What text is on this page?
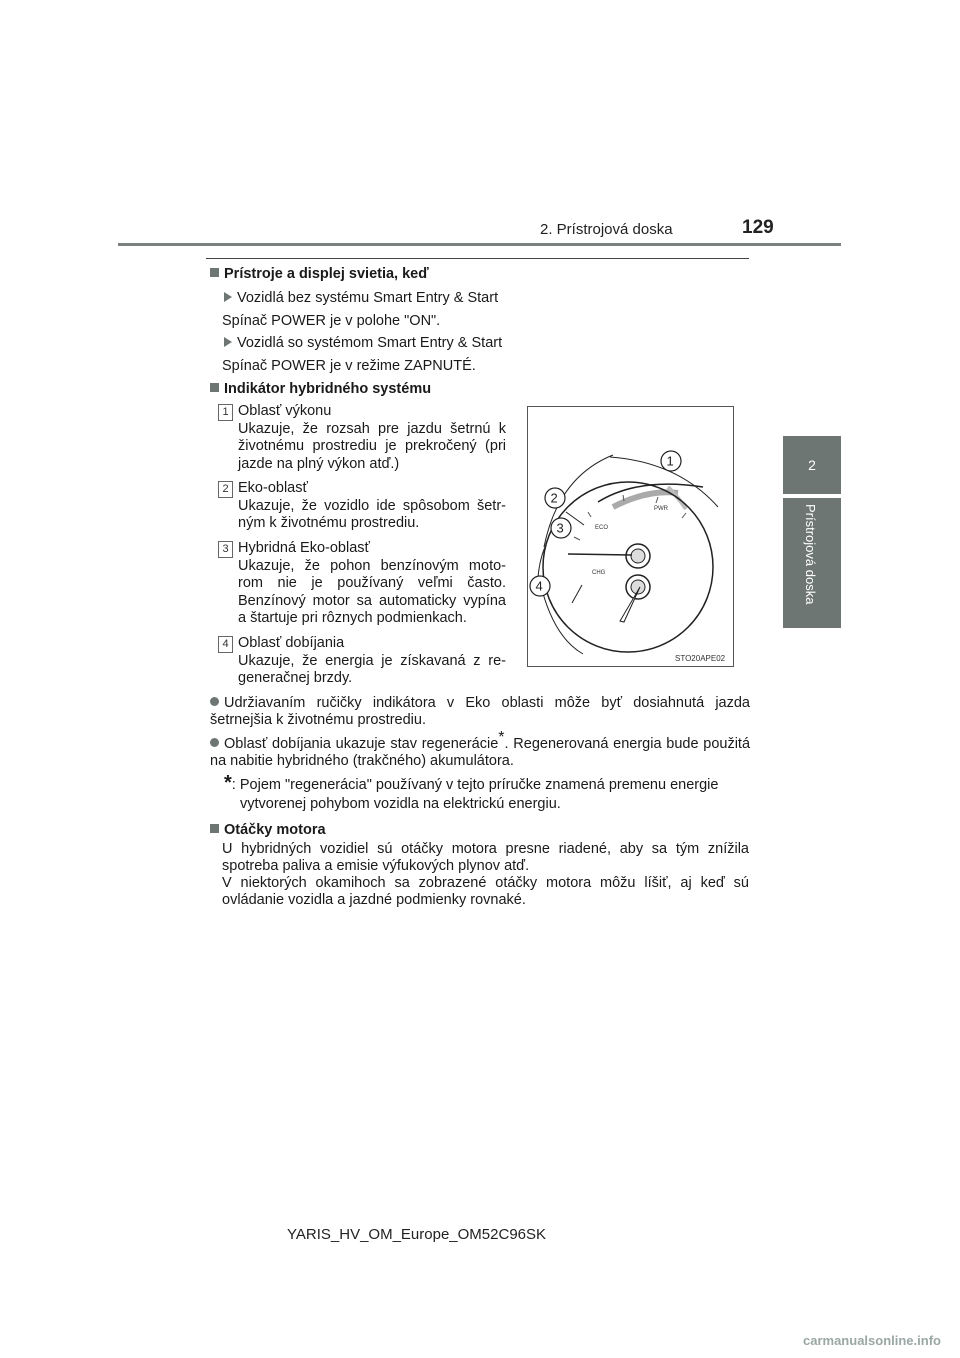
2. Prístrojová doska	129
2
Prístrojová doska
Prístroje a displej svietia, keď
Vozidlá bez systému Smart Entry & Start
Spínač POWER je v polohe "ON".
Vozidlá so systémom Smart Entry & Start
Spínač POWER je v režime ZAPNUTÉ.
Indikátor hybridného systému
1 Oblasť výkonu
Ukazuje, že rozsah pre jazdu šetrnú k životnému prostrediu je prekročený (pri jazde na plný výkon atď.)
2 Eko-oblasť
Ukazuje, že vozidlo ide spôsobom šetr-ným k životnému prostrediu.
3 Hybridná Eko-oblasť
Ukazuje, že pohon benzínovým moto-rom nie je používaný veľmi často. Benzínový motor sa automaticky vypína a štartuje pri rôznych podmienkach.
4 Oblasť dobíjania
Ukazuje, že energia je získavaná z re-generačnej brzdy.
PWR
ECO
CHG
1
2
3
4
STO20APE02
Udržiavaním ručičky indikátora v Eko oblasti môže byť dosiahnutá jazda šetrnejšia k životnému prostrediu.
Oblasť dobíjania ukazuje stav regenerácie*. Regenerovaná energia bude použitá na nabitie hybridného (trakčného) akumulátora.
*: Pojem "regenerácia" používaný v tejto príručke znamená premenu energie
vytvorenej pohybom vozidla na elektrickú energiu.
Otáčky motora
U hybridných vozidiel sú otáčky motora presne riadené, aby sa tým znížila spotreba paliva a emisie výfukových plynov atď.
V niektorých okamihoch sa zobrazené otáčky motora môžu líšiť, aj keď sú ovládanie vozidla a jazdné podmienky rovnaké.
YARIS_HV_OM_Europe_OM52C96SK
carmanualsonline.info
